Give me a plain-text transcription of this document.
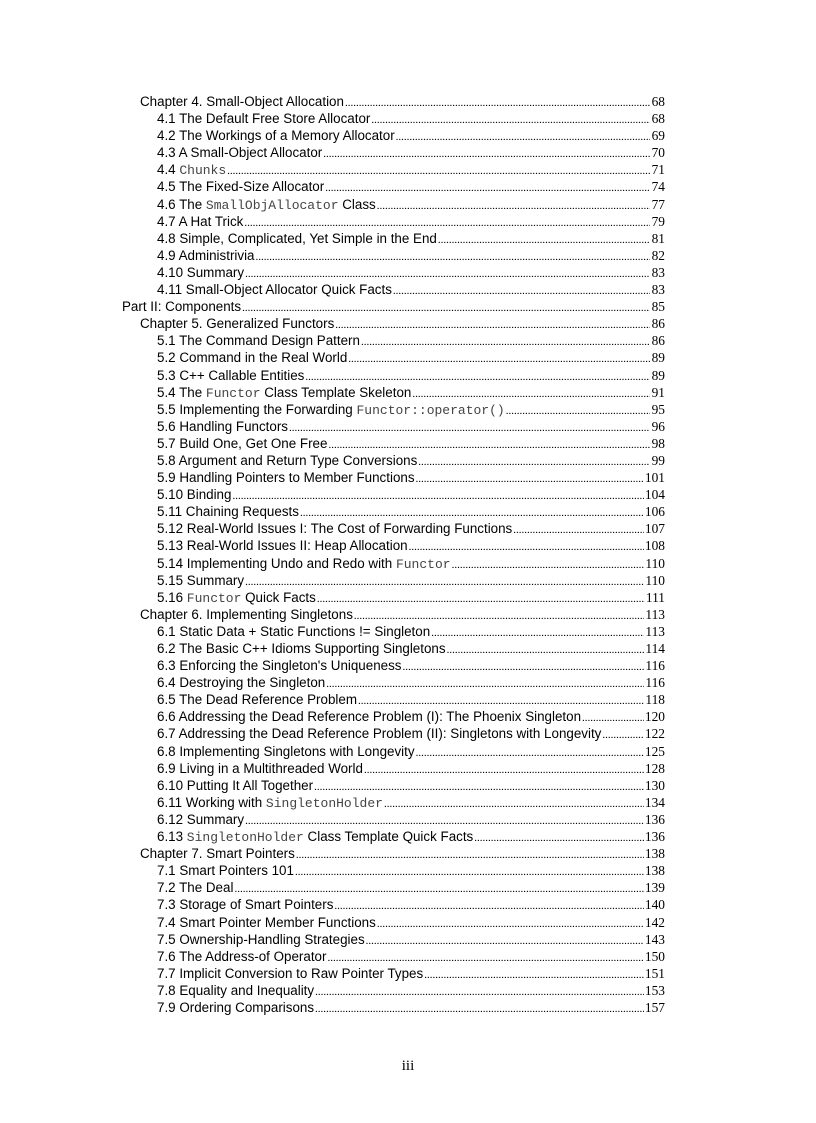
Chapter 4. Small-Object Allocation .....	68
4.1 The Default Free Store Allocator .....	68
4.2 The Workings of a Memory Allocator .....	69
4.3 A Small-Object Allocator .....	70
4.4 Chunks .....	71
4.5 The Fixed-Size Allocator .....	74
4.6 The SmallObjAllocator Class .....	77
4.7 A Hat Trick .....	79
4.8 Simple, Complicated, Yet Simple in the End .....	81
4.9 Administrivia .....	82
4.10 Summary .....	83
4.11 Small-Object Allocator Quick Facts .....	83
Part II: Components .....	85
Chapter 5. Generalized Functors .....	86
5.1 The Command Design Pattern .....	86
5.2 Command in the Real World .....	89
5.3 C++ Callable Entities .....	89
5.4 The Functor Class Template Skeleton .....	91
5.5 Implementing the Forwarding Functor::operator() .....	95
5.6 Handling Functors .....	96
5.7 Build One, Get One Free .....	98
5.8 Argument and Return Type Conversions .....	99
5.9 Handling Pointers to Member Functions .....	101
5.10 Binding .....	104
5.11 Chaining Requests .....	106
5.12 Real-World Issues I: The Cost of Forwarding Functions .....	107
5.13 Real-World Issues II: Heap Allocation .....	108
5.14 Implementing Undo and Redo with Functor .....	110
5.15 Summary .....	110
5.16 Functor Quick Facts .....	111
Chapter 6. Implementing Singletons .....	113
6.1 Static Data + Static Functions != Singleton .....	113
6.2 The Basic C++ Idioms Supporting Singletons .....	114
6.3 Enforcing the Singleton's Uniqueness .....	116
6.4 Destroying the Singleton .....	116
6.5 The Dead Reference Problem .....	118
6.6 Addressing the Dead Reference Problem (I): The Phoenix Singleton .....	120
6.7 Addressing the Dead Reference Problem (II): Singletons with Longevity .....	122
6.8 Implementing Singletons with Longevity .....	125
6.9 Living in a Multithreaded World .....	128
6.10 Putting It All Together .....	130
6.11 Working with SingletonHolder .....	134
6.12 Summary .....	136
6.13 SingletonHolder Class Template Quick Facts .....	136
Chapter 7. Smart Pointers .....	138
7.1 Smart Pointers 101 .....	138
7.2 The Deal .....	139
7.3 Storage of Smart Pointers .....	140
7.4 Smart Pointer Member Functions .....	142
7.5 Ownership-Handling Strategies .....	143
7.6 The Address-of Operator .....	150
7.7 Implicit Conversion to Raw Pointer Types .....	151
7.8 Equality and Inequality .....	153
7.9 Ordering Comparisons .....	157
iii
